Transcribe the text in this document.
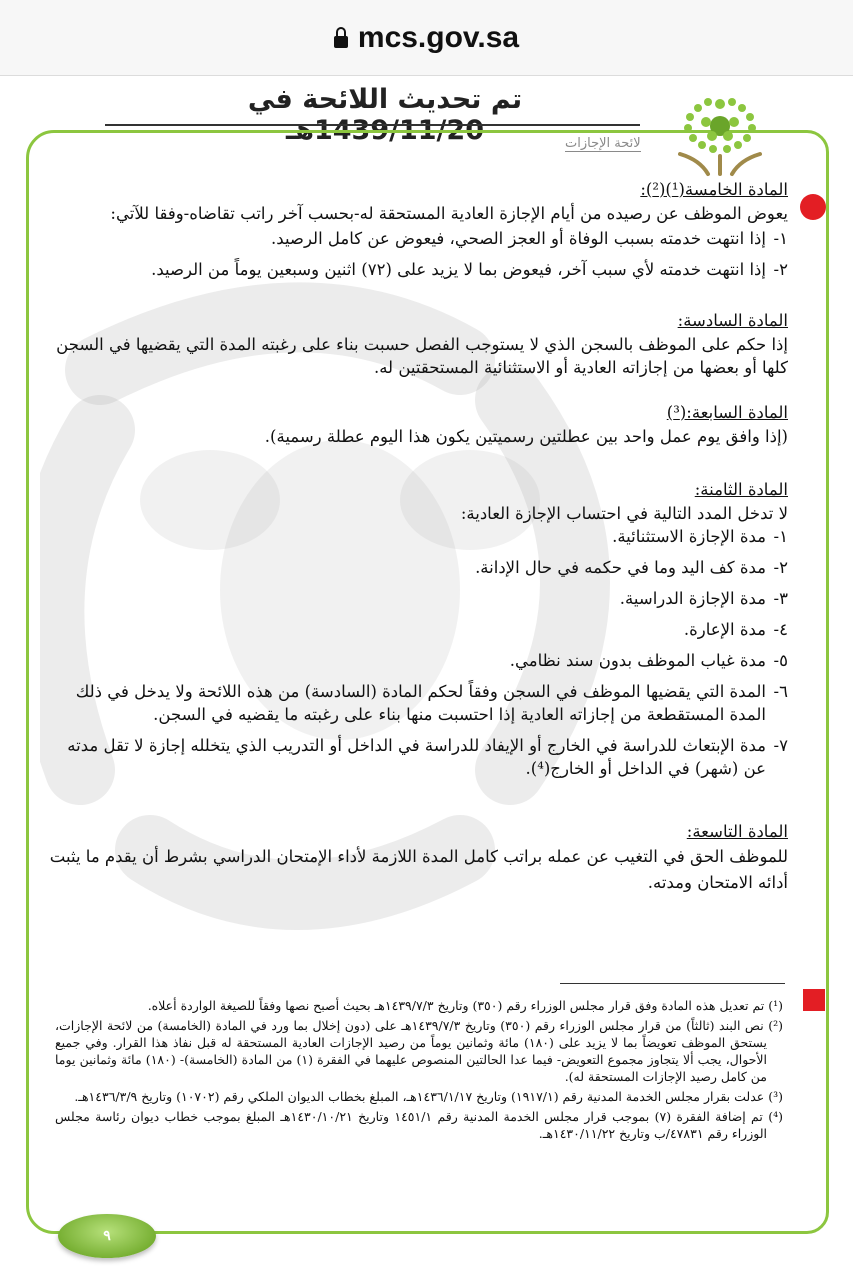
mcs.gov.sa
تم تحديث اللائحة في 1439/11/20هـ	لائحة الإجازات
المادة الخامسة(¹)(²):

يعوض الموظف عن رصيده من أيام الإجازة العادية المستحقة له-بحسب آخر راتب تقاضاه-وفقا للآتي:

١-إذا انتهت خدمته بسبب الوفاة أو العجز الصحي، فيعوض عن كامل الرصيد.
٢-إذا انتهت خدمته لأي سبب آخر، فيعوض بما لا يزيد على (٧٢) اثنين وسبعين يوماً من الرصيد.
المادة السادسة:

إذا حكم على الموظف بالسجن الذي لا يستوجب الفصل حسبت بناء على رغبته المدة التي يقضيها في السجن كلها أو بعضها من إجازاته العادية أو الاستثنائية المستحقتين له.

المادة السابعة:(³)

(إذا وافق يوم عمل واحد بين عطلتين رسميتين يكون هذا اليوم عطلة رسمية).

المادة الثامنة:

لا تدخل المدد التالية في احتساب الإجازة العادية:

١-مدة الإجازة الاستثنائية.
٢-مدة كف اليد وما في حكمه في حال الإدانة.
٣-مدة الإجازة الدراسية.
٤-مدة الإعارة.
٥-مدة غياب الموظف بدون سند نظامي.
٦-المدة التي يقضيها الموظف في السجن وفقاً لحكم المادة (السادسة) من هذه اللائحة ولا يدخل في ذلك المدة المستقطعة من إجازاته العادية إذا احتسبت منها بناء على رغبته ما يقضيه في السجن.
٧-مدة الإبتعاث للدراسة في الخارج أو الإيفاد للدراسة في الداخل أو التدريب الذي يتخلله إجازة لا تقل مدته عن (شهر) في الداخل أو الخارج(⁴).
المادة التاسعة:

للموظف الحق في التغيب عن عمله براتب كامل المدة اللازمة لأداء الإمتحان الدراسي بشرط أن يقدم ما يثبت أدائه الامتحان ومدته.

(¹) تم تعديل هذه المادة وفق قرار مجلس الوزراء رقم (٣٥٠) وتاريخ ١٤٣٩/٧/٣هـ بحيث أصبح نصها وفقاً للصيغة الواردة أعلاه.

(²) نص البند (ثالثاً) من قرار مجلس الوزراء رقم (٣٥٠) وتاريخ ١٤٣٩/٧/٣هـ على (دون إخلال بما ورد في المادة (الخامسة) من لائحة الإجازات، يستحق الموظف تعويضاً بما لا يزيد على (١٨٠) مائة وثمانين يوماً من رصيد الإجازات العادية المستحقة له قبل نفاذ هذا القرار. وفي جميع الأحوال، يجب ألا يتجاوز مجموع التعويض- فيما عدا الحالتين المنصوص عليهما في الفقرة (١) من المادة (الخامسة)- (١٨٠) مائة وثمانين يوما من كامل رصيد الإجازات المستحقة له).

(³) عدلت بقرار مجلس الخدمة المدنية رقم (١٩١٧/١) وتاريخ ١٤٣٦/١/١٧هـ، المبلغ بخطاب الديوان الملكي رقم (١٠٧٠٢) وتاريخ ١٤٣٦/٣/٩هـ.

(⁴) تم إضافة الفقرة (٧) بموجب قرار مجلس الخدمة المدنية رقم ١٤٥١/١ وتاريخ ١٤٣٠/١٠/٢١هـ المبلغ بموجب خطاب ديوان رئاسة مجلس الوزراء رقم ٤٧٨٣١/ب وتاريخ ١٤٣٠/١١/٢٢هـ.

٩
